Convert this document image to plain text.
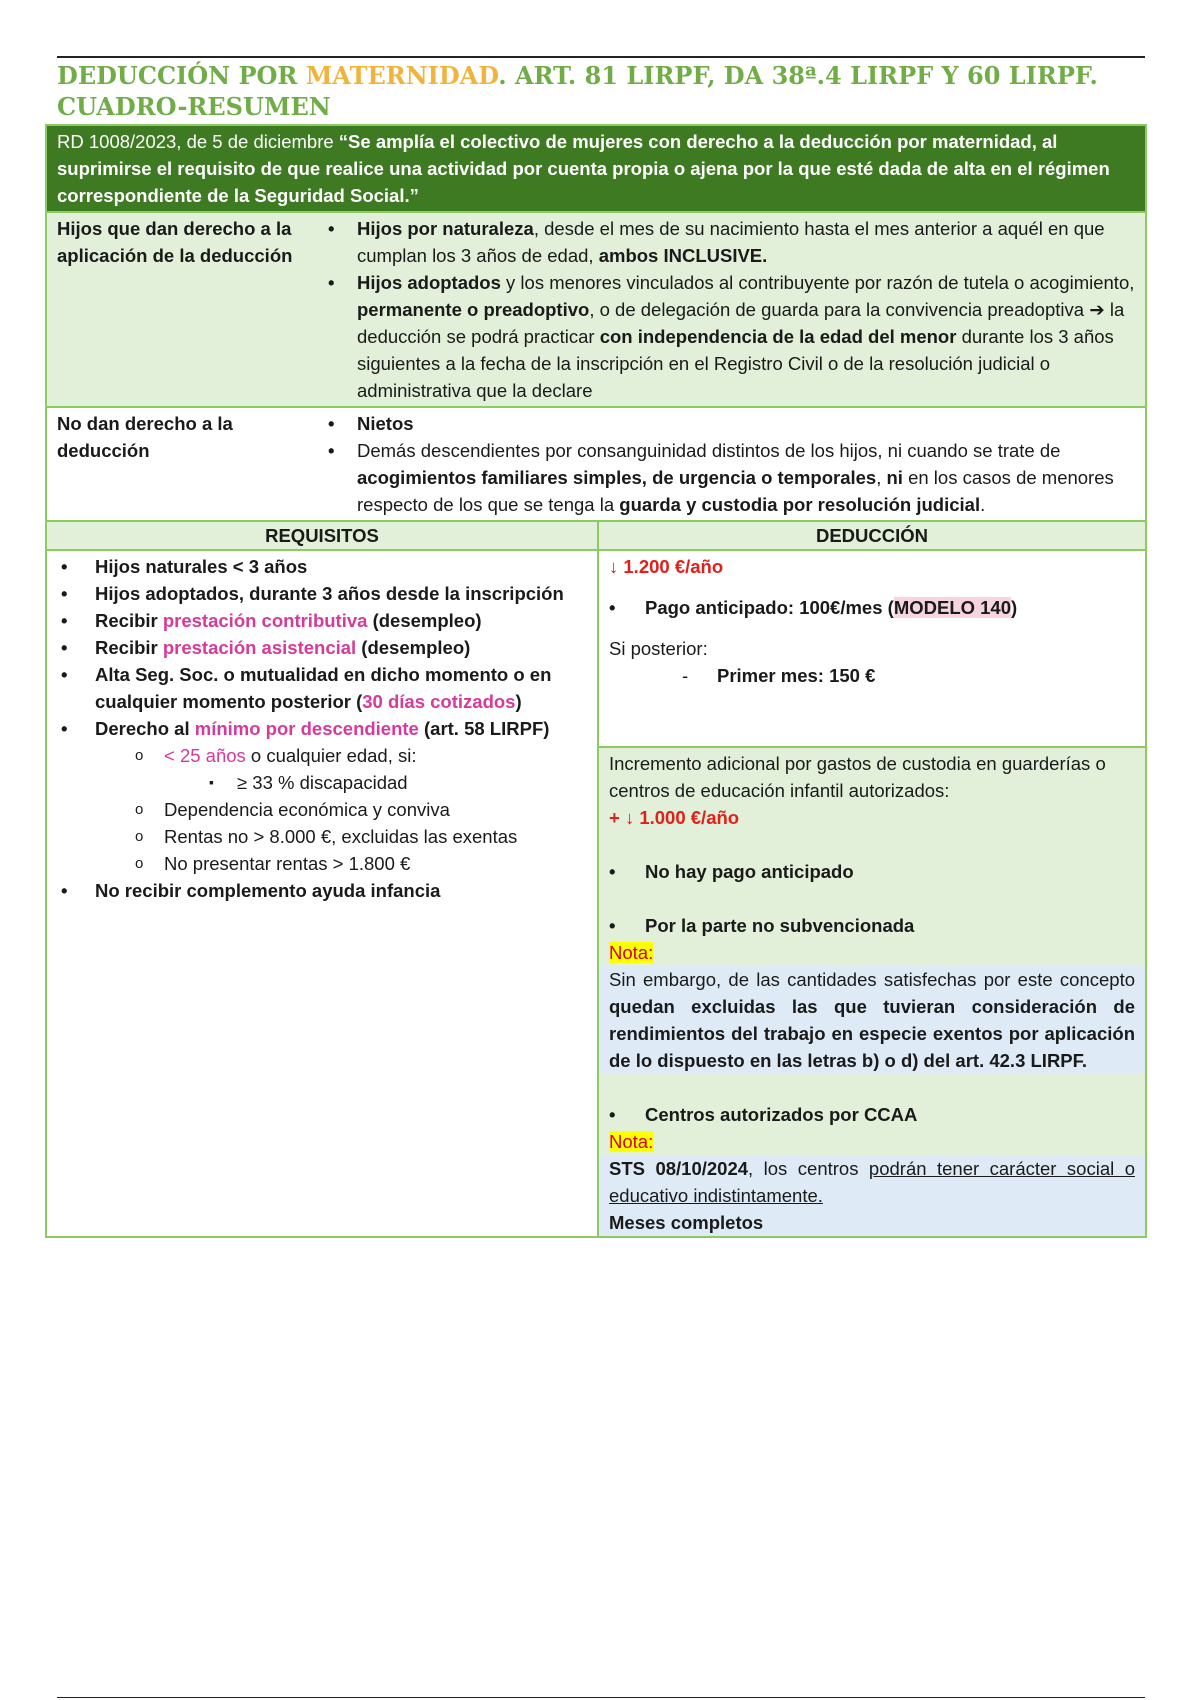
DEDUCCIÓN POR MATERNIDAD. ART. 81 LIRPF, DA 38ª.4 LIRPF Y 60 LIRPF.
CUADRO-RESUMEN
RD 1008/2023, de 5 de diciembre “Se amplía el colectivo de mujeres con derecho a la deducción por maternidad, al suprimirse el requisito de que realice una actividad por cuenta propia o ajena por la que esté dada de alta en el régimen correspondiente de la Seguridad Social.”
Hijos que dan derecho a la aplicación de la deducción
• Hijos por naturaleza, desde el mes de su nacimiento hasta el mes anterior a aquél en que cumplan los 3 años de edad, ambos INCLUSIVE.
• Hijos adoptados y los menores vinculados al contribuyente por razón de tutela o acogimiento, permanente o preadoptivo, o de delegación de guarda para la convivencia preadoptiva ➔ la deducción se podrá practicar con independencia de la edad del menor durante los 3 años siguientes a la fecha de la inscripción en el Registro Civil o de la resolución judicial o administrativa que la declare
No dan derecho a la deducción
• Nietos
• Demás descendientes por consanguinidad distintos de los hijos, ni cuando se trate de acogimientos familiares simples, de urgencia o temporales, ni en los casos de menores respecto de los que se tenga la guarda y custodia por resolución judicial.
REQUISITOS	DEDUCCIÓN
• Hijos naturales < 3 años
• Hijos adoptados, durante 3 años desde la inscripción
• Recibir prestación contributiva (desempleo)
• Recibir prestación asistencial (desempleo)
• Alta Seg. Soc. o mutualidad en dicho momento o en cualquier momento posterior (30 días cotizados)
• Derecho al mínimo por descendiente (art. 58 LIRPF)
o < 25 años o cualquier edad, si:
▪ ≥ 33 % discapacidad
o Dependencia económica y conviva
o Rentas no > 8.000 €, excluidas las exentas
o No presentar rentas > 1.800 €
• No recibir complemento ayuda infancia
↓ 1.200 €/año
• Pago anticipado: 100€/mes (MODELO 140)
Si posterior:
- Primer mes: 150 €
Incremento adicional por gastos de custodia en guarderías o centros de educación infantil autorizados:
+ ↓ 1.000 €/año
• No hay pago anticipado
• Por la parte no subvencionada
Nota:
Sin embargo, de las cantidades satisfechas por este concepto quedan excluidas las que tuvieran consideración de rendimientos del trabajo en especie exentos por aplicación de lo dispuesto en las letras b) o d) del art. 42.3 LIRPF.
• Centros autorizados por CCAA
Nota:
STS 08/10/2024, los centros podrán tener carácter social o educativo indistintamente.
Meses completos
